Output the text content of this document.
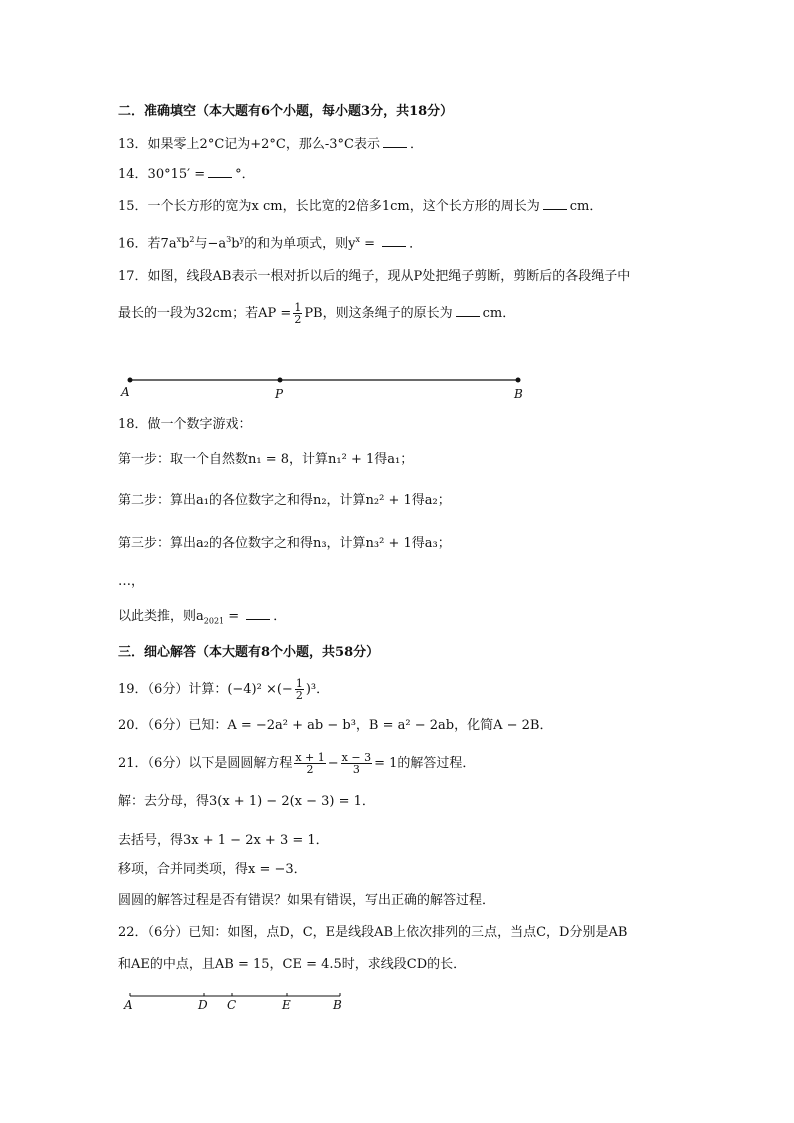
二．准确填空（本大题有6个小题，每小题3分，共18分）
13．如果零上2°C记为+2°C，那么-3°C表示 ．
14．30°15′ = °．
15．一个长方形的宽为x cm，长比宽的2倍多1cm，这个长方形的周长为 cm．
16．若$7a^xb^2$与$-a^3b^y$的和为单项式，则$y^x$ = ．
17．如图，线段AB表示一根对折以后的绳子，现从P处把绳子剪断，剪断后的各段绳子中
最长的一段为32cm；若AP = $\frac{1}{2}$ PB，则这条绳子的原长为 cm．
A	P	B
18．做一个数字游戏：
第一步：取一个自然数n₁ = 8，计算n₁² + 1得a₁；
第二步：算出a₁的各位数字之和得n₂，计算n₂² + 1得a₂；
第三步：算出a₂的各位数字之和得n₃，计算n₃² + 1得a₃；
…，
以此类推，则$a_{2021}$ = ．
三．细心解答（本大题有8个小题，共58分）
19．（6分）计算：(−4)² ×(− $\frac{1}{2} )^3$．
20．（6分）已知：A = −2a² + ab − b³，B = a² − 2ab，化简A − 2B．
21．（6分）以下是圆圆解方程 $\frac{x + 1}{2} - \frac{x - 3}{3} = 1$的解答过程．
解：去分母，得3(x + 1) − 2(x − 3) = 1．
去括号，得3x + 1 − 2x + 3 = 1．
移项，合并同类项，得x = −3．
圆圆的解答过程是否有错误？如果有错误，写出正确的解答过程．
22．（6分）已知：如图，点D，C，E是线段AB上依次排列的三点，当点C，D分别是AB
和AE的中点，且AB = 15，CE = 4.5时，求线段CD的长．
A	D C	E	B
